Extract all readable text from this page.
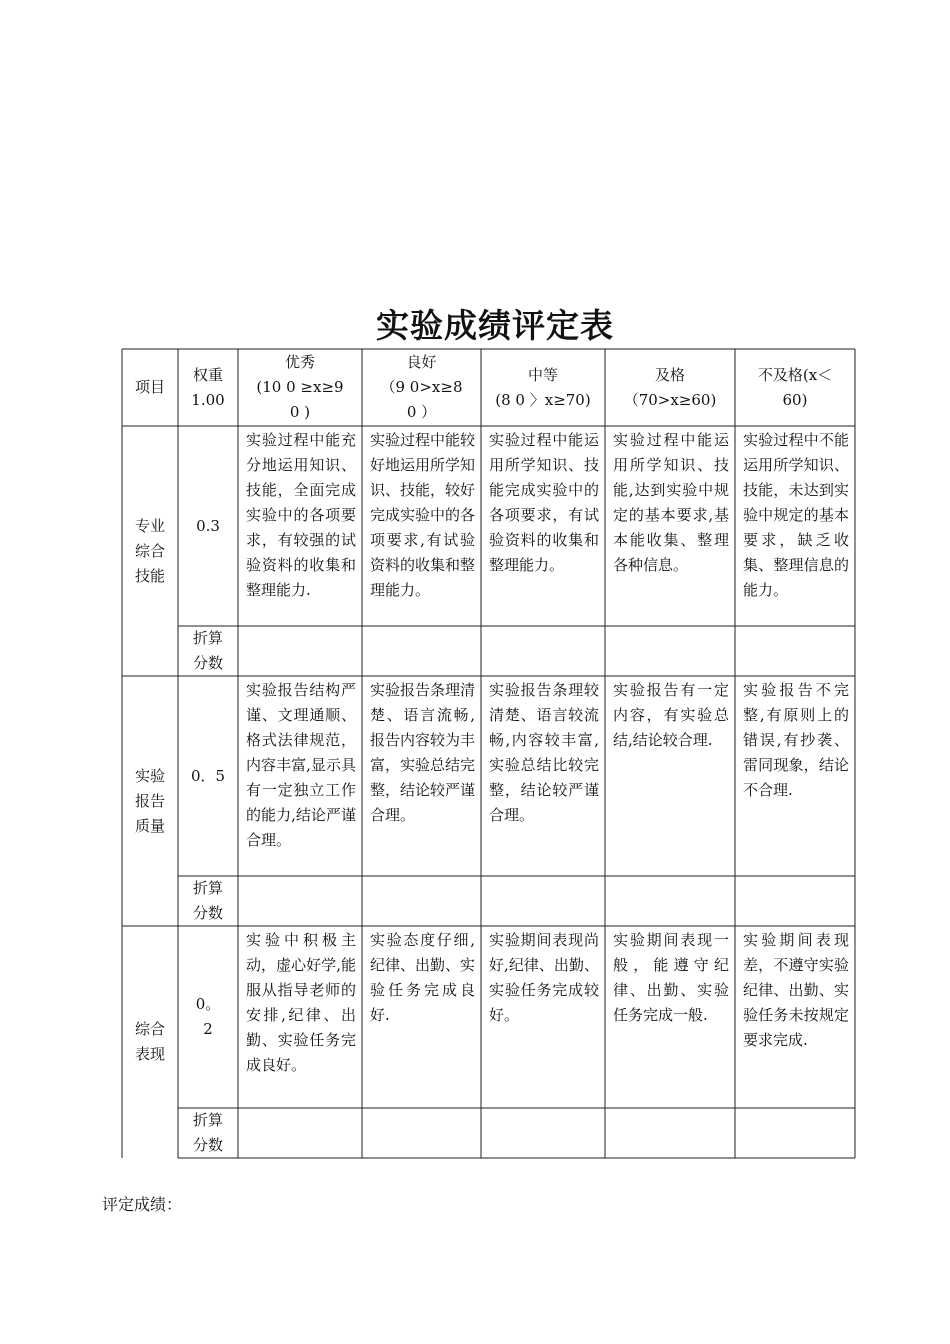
实验成绩评定表
项目
权重
1.00
优秀
(10 0 ≥x≥9
0 )
良好
（9 0>x≥8
0 ）
中等
(8 0 〉x≥70)
及格
（70>x≥60)
不及格(x＜
60)
专业
综合
技能
0.3
实验过程中能充分地运用知识、技能，全面完成实验中的各项要求，有较强的试验资料的收集和整理能力.
实验过程中能较好地运用所学知识、技能，较好完成实验中的各项要求,有试验资料的收集和整理能力。
实验过程中能运用所学知识、技能完成实验中的各项要求，有试验资料的收集和整理能力。
实验过程中能运用所学知识、技能,达到实验中规定的基本要求,基本能收集、整理各种信息。
实验过程中不能运用所学知识、技能，未达到实验中规定的基本要求，缺乏收集、整理信息的能力。
折算
分数
实验
报告
质量
0．5
实验报告结构严谨、文理通顺、格式法律规范，内容丰富,显示具有一定独立工作的能力,结论严谨合理。
实验报告条理清楚、语言流畅,报告内容较为丰富，实验总结完整，结论较严谨合理。
实验报告条理较清楚、语言较流畅,内容较丰富,实验总结比较完整，结论较严谨合理。
实验报告有一定内容，有实验总结,结论较合理.
实验报告不完整,有原则上的错误,有抄袭、雷同现象，结论不合理.
折算
分数
综合
表现
0。
2
实验中积极主动，虚心好学,能服从指导老师的安排,纪律、出勤、实验任务完成良好。
实验态度仔细,纪律、出勤、实验任务完成良好.
实验期间表现尚好,纪律、出勤、实验任务完成较好。
实验期间表现一般，能遵守纪律、出勤、实验任务完成一般.
实验期间表现差，不遵守实验纪律、出勤、实验任务未按规定要求完成.
折算
分数
评定成绩：
